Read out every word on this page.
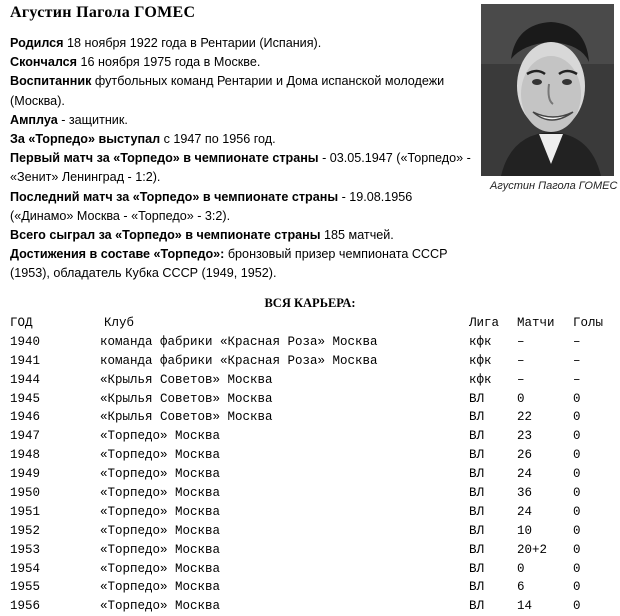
Агустин Пагола ГОМЕС

Родился 18 ноября 1922 года в Рентарии (Испания).

Скончался 16 ноября 1975 года в Москве.

Воспитанник футбольных команд Рентарии и Дома испанской молодежи (Москва).

Амплуа - защитник.

За «Торпедо» выступал с 1947 по 1956 год.

Первый матч за «Торпедо» в чемпионате страны - 03.05.1947 («Торпедо» - «Зенит» Ленинград - 1:2).

Последний матч за «Торпедо» в чемпионате страны - 19.08.1956 («Динамо» Москва - «Торпедо» - 3:2).

Всего сыграл за «Торпедо» в чемпионате страны 185 матчей.

Достижения в составе «Торпедо»: бронзовый призер чемпионата СССР (1953), обладатель Кубка СССР (1949, 1952).

Агустин Пагола ГОМЕС
ВСЯ КАРЬЕРА:
ГОД	Клуб	Лига Матчи Голы
1940	команда фабрики «Красная Роза» Москва	кфк –	–
1941	команда фабрики «Красная Роза» Москва	кфк –	–
1944	«Крылья Советов» Москва	кфк –	–
1945	«Крылья Советов» Москва	ВЛ	0	0
1946	«Крылья Советов» Москва	ВЛ	22	0
1947	«Торпедо» Москва	ВЛ	23	0
1948	«Торпедо» Москва	ВЛ	26	0
1949	«Торпедо» Москва	ВЛ	24	0
1950	«Торпедо» Москва	ВЛ	36	0
1951	«Торпедо» Москва	ВЛ	24	0
1952	«Торпедо» Москва	ВЛ	10	0
1953	«Торпедо» Москва	ВЛ	20+2 0
1954	«Торпедо» Москва	ВЛ	0	0
1955	«Торпедо» Москва	ВЛ	6	0
1956	«Торпедо» Москва	ВЛ	14	0
